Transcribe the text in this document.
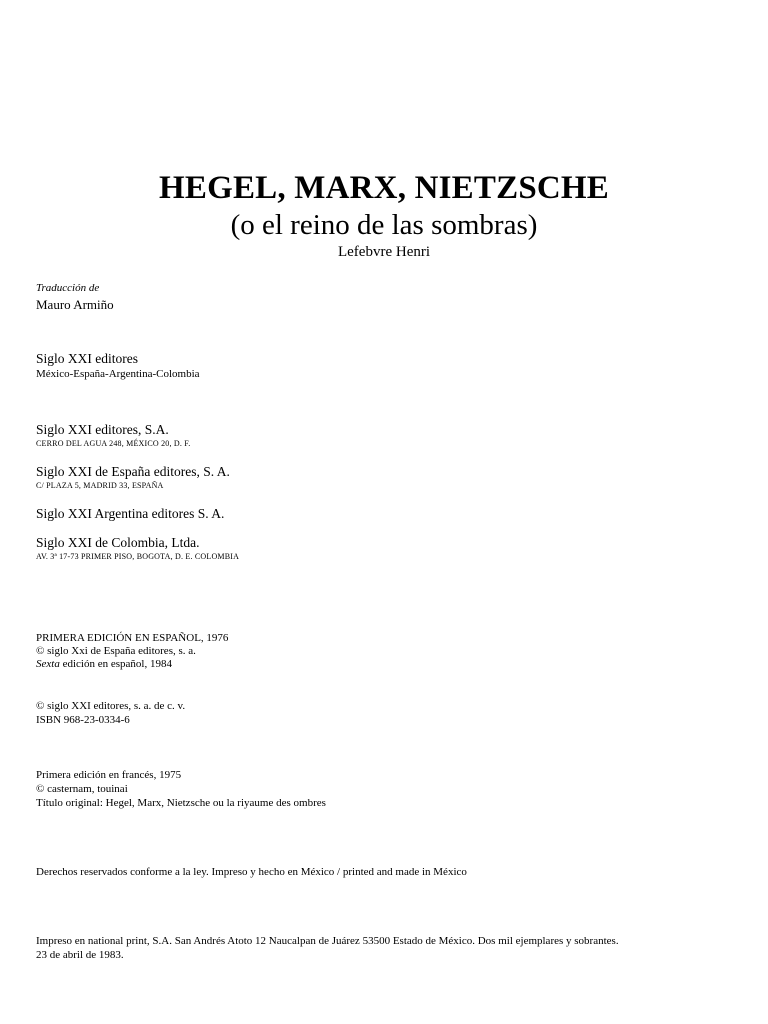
HEGEL, MARX, NIETZSCHE
(o el reino de las sombras)
Lefebvre Henri
Traducción de
Mauro Armiño
Siglo XXI editores
México-España-Argentina-Colombia
Siglo XXI editores, S.A.
CERRO DEL AGUA 248, MÉXICO 20, D. F.
Siglo XXI de España editores, S. A.
C/ PLAZA 5, MADRID 33, ESPAÑA
Siglo XXI Argentina editores S. A.
Siglo XXI de Colombia, Ltda.
AV. 3ª 17-73 PRIMER PISO, BOGOTA, D. E. COLOMBIA
PRIMERA EDICIÓN EN ESPAÑOL, 1976
© siglo Xxi de España editores, s. a.
Sexta edición en español, 1984
© siglo XXI editores, s. a. de c. v.
ISBN 968-23-0334-6
Primera edición en francés, 1975
© casternam, touinai
Título original: Hegel, Marx, Nietzsche ou la riyaume des ombres
Derechos reservados conforme a la ley. Impreso y hecho en México / printed and made in México
Impreso en national print, S.A. San Andrés Atoto 12 Naucalpan de Juárez 53500 Estado de México. Dos mil ejemplares y sobrantes.
23 de abril de 1983.
